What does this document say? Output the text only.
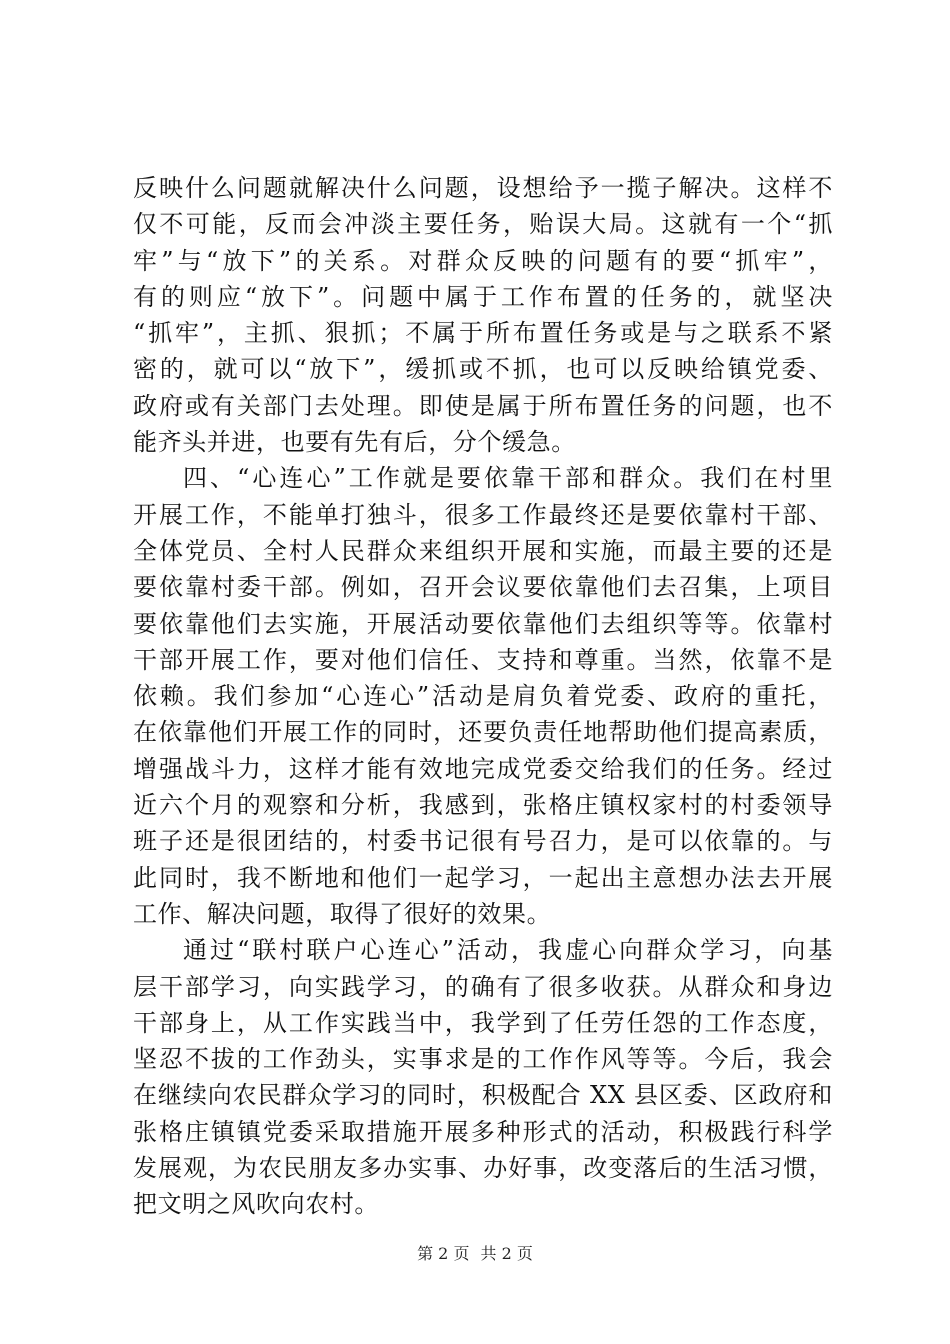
反映什么问题就解决什么问题，设想给予一揽子解决。这样不
仅不可能，反而会冲淡主要任务，贻误大局。这就有一个“抓
牢”与“放下”的关系。对群众反映的问题有的要“抓牢”，
有的则应“放下”。问题中属于工作布置的任务的，就坚决
“抓牢”，主抓、狠抓；不属于所布置任务或是与之联系不紧
密的，就可以“放下”，缓抓或不抓，也可以反映给镇党委、
政府或有关部门去处理。即使是属于所布置任务的问题，也不
能齐头并进，也要有先有后，分个缓急。
四、“心连心”工作就是要依靠干部和群众。我们在村里
开展工作，不能单打独斗，很多工作最终还是要依靠村干部、
全体党员、全村人民群众来组织开展和实施，而最主要的还是
要依靠村委干部。例如，召开会议要依靠他们去召集，上项目
要依靠他们去实施，开展活动要依靠他们去组织等等。依靠村
干部开展工作，要对他们信任、支持和尊重。当然，依靠不是
依赖。我们参加“心连心”活动是肩负着党委、政府的重托，
在依靠他们开展工作的同时，还要负责任地帮助他们提高素质，
增强战斗力，这样才能有效地完成党委交给我们的任务。经过
近六个月的观察和分析，我感到，张格庄镇权家村的村委领导
班子还是很团结的，村委书记很有号召力，是可以依靠的。与
此同时，我不断地和他们一起学习，一起出主意想办法去开展
工作、解决问题，取得了很好的效果。
通过“联村联户心连心”活动，我虚心向群众学习，向基
层干部学习，向实践学习，的确有了很多收获。从群众和身边
干部身上，从工作实践当中，我学到了任劳任怨的工作态度，
坚忍不拔的工作劲头，实事求是的工作作风等等。今后，我会
在继续向农民群众学习的同时，积极配合 XX 县区委、区政府和
张格庄镇镇党委采取措施开展多种形式的活动，积极践行科学
发展观，为农民朋友多办实事、办好事，改变落后的生活习惯，
把文明之风吹向农村。
第 2 页 共 2 页
